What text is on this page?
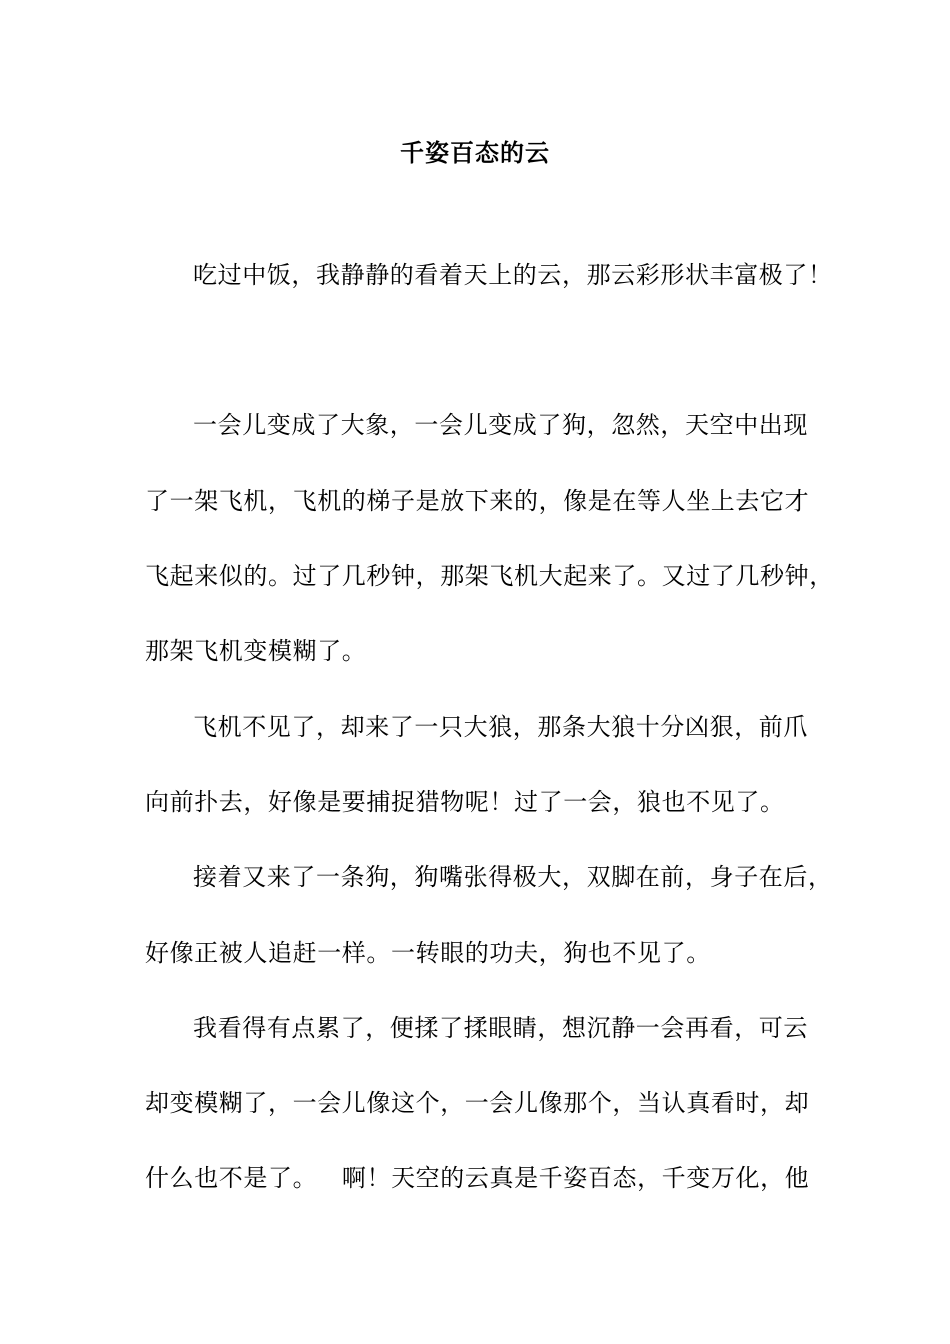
千姿百态的云
吃过中饭，我静静的看着天上的云，那云彩形状丰富极了！
一会儿变成了大象，一会儿变成了狗，忽然，天空中出现
了一架飞机，飞机的梯子是放下来的，像是在等人坐上去它才
飞起来似的。过了几秒钟，那架飞机大起来了。又过了几秒钟，
那架飞机变模糊了。
飞机不见了，却来了一只大狼，那条大狼十分凶狠，前爪
向前扑去，好像是要捕捉猎物呢！过了一会，狼也不见了。
接着又来了一条狗，狗嘴张得极大，双脚在前，身子在后，
好像正被人追赶一样。一转眼的功夫，狗也不见了。
我看得有点累了，便揉了揉眼睛，想沉静一会再看，可云
却变模糊了，一会儿像这个，一会儿像那个，当认真看时，却
什么也不是了。   啊！天空的云真是千姿百态，千变万化，他
